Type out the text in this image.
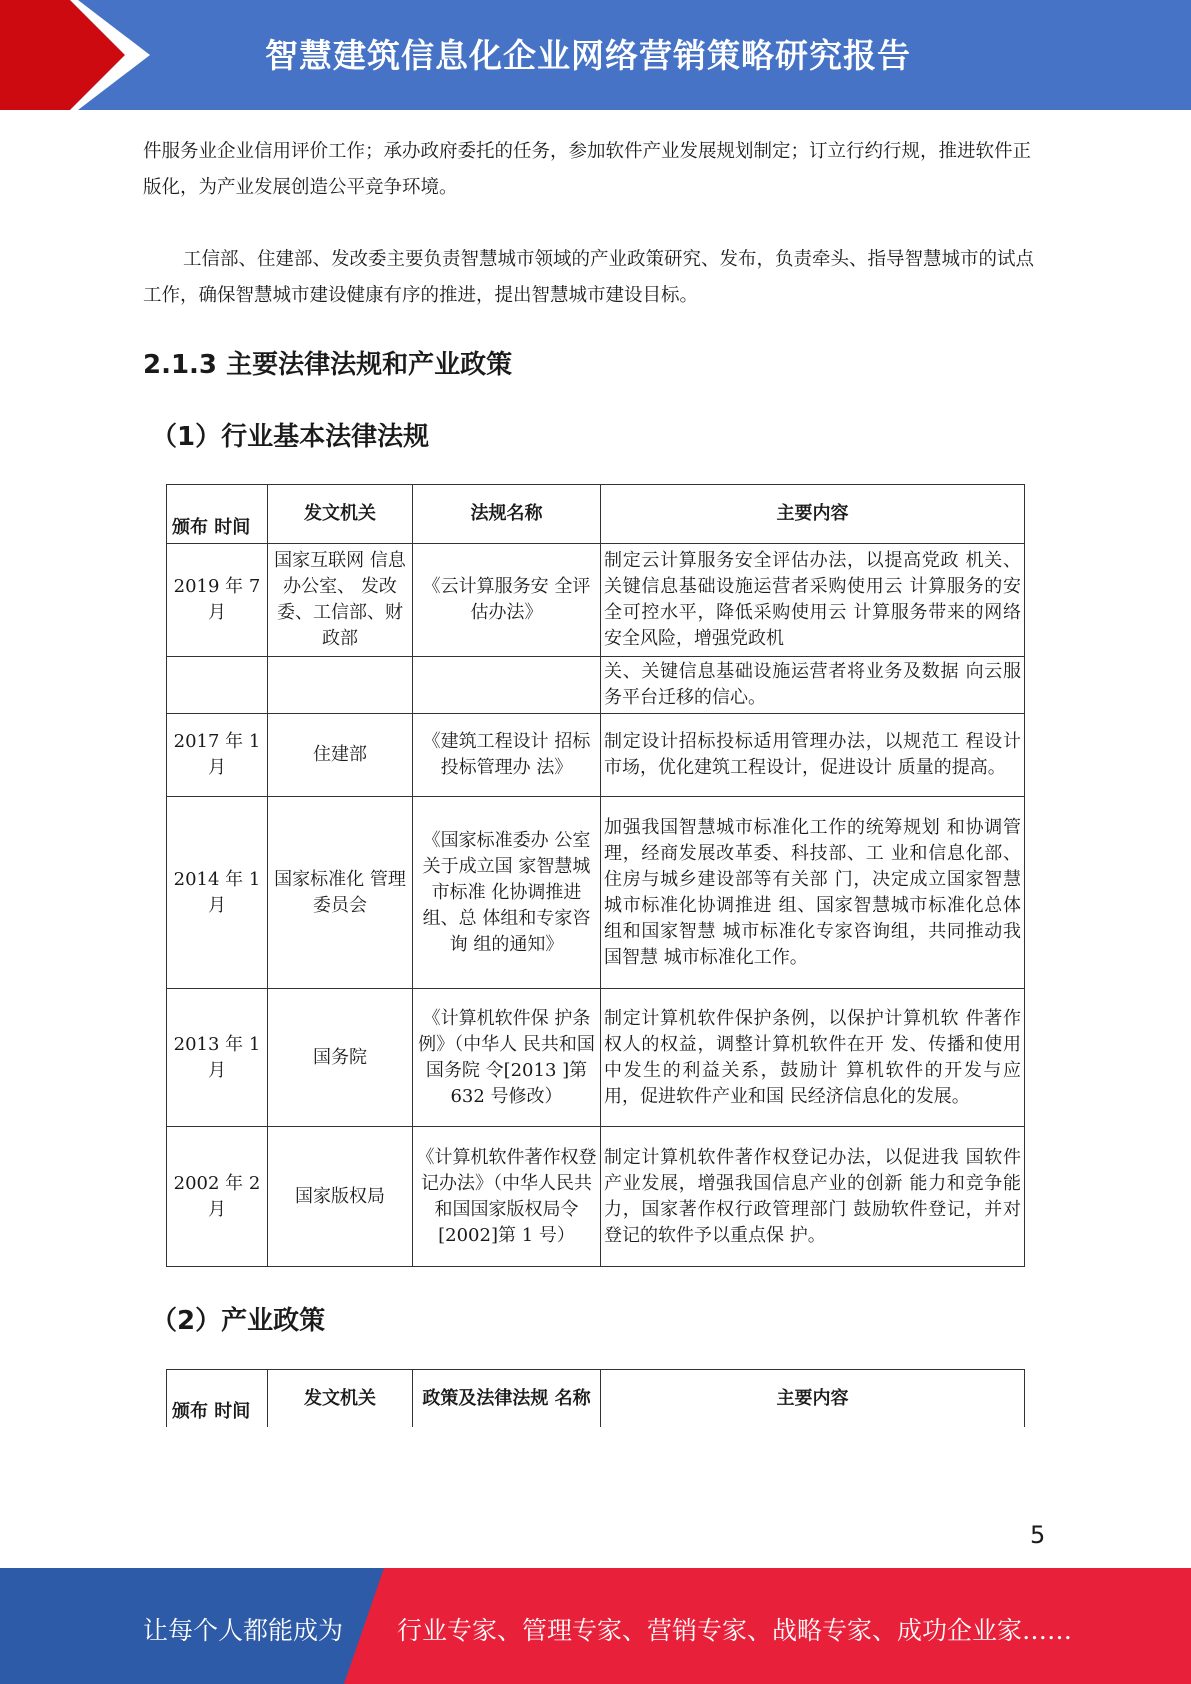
智慧建筑信息化企业网络营销策略研究报告
件服务业企业信用评价工作；承办政府委托的任务，参加软件产业发展规划制定；订立行约行规，推进软件正版化，为产业发展创造公平竞争环境。
工信部、住建部、发改委主要负责智慧城市领域的产业政策研究、发布，负责牵头、指导智慧城市的试点工作，确保智慧城市建设健康有序的推进，提出智慧城市建设目标。
2.1.3 主要法律法规和产业政策
（1）行业基本法律法规
颁布 时间	发文机关	法规名称	主要内容
2019 年 7 月	国家互联网 信息办公室、 发改委、工信部、财政部	《云计算服务安 全评估办法》	制定云计算服务安全评估办法，以提高党政 机关、关键信息基础设施运营者采购使用云 计算服务的安全可控水平，降低采购使用云 计算服务带来的网络安全风险，增强党政机
			关、关键信息基础设施运营者将业务及数据 向云服务平台迁移的信心。
2017 年 1 月	住建部	《建筑工程设计 招标投标管理办 法》	制定设计招标投标适用管理办法，以规范工 程设计市场，优化建筑工程设计，促进设计 质量的提高。
2014 年 1 月	国家标准化 管理委员会	《国家标准委办 公室关于成立国 家智慧城市标准 化协调推进组、总 体组和专家咨询 组的通知》	加强我国智慧城市标准化工作的统筹规划 和协调管理，经商发展改革委、科技部、工 业和信息化部、住房与城乡建设部等有关部 门，决定成立国家智慧城市标准化协调推进 组、国家智慧城市标准化总体组和国家智慧 城市标准化专家咨询组，共同推动我国智慧 城市标准化工作。
2013 年 1 月	国务院	《计算机软件保 护条例》（中华人 民共和国国务院 令[2013 ]第 632 号修改）	制定计算机软件保护条例，以保护计算机软 件著作权人的权益，调整计算机软件在开 发、传播和使用中发生的利益关系，鼓励计 算机软件的开发与应用，促进软件产业和国 民经济信息化的发展。
2002 年 2 月	国家版权局	《计算机软件著作权登记办法》（中华人民共和国国家版权局令[2002]第 1 号）	制定计算机软件著作权登记办法，以促进我 国软件产业发展，增强我国信息产业的创新 能力和竞争能力，国家著作权行政管理部门 鼓励软件登记，并对登记的软件予以重点保 护。
（2）产业政策
颁布 时间	发文机关	政策及法律法规 名称	主要内容
5
让每个人都能成为 行业专家、管理专家、营销专家、战略专家、成功企业家……
